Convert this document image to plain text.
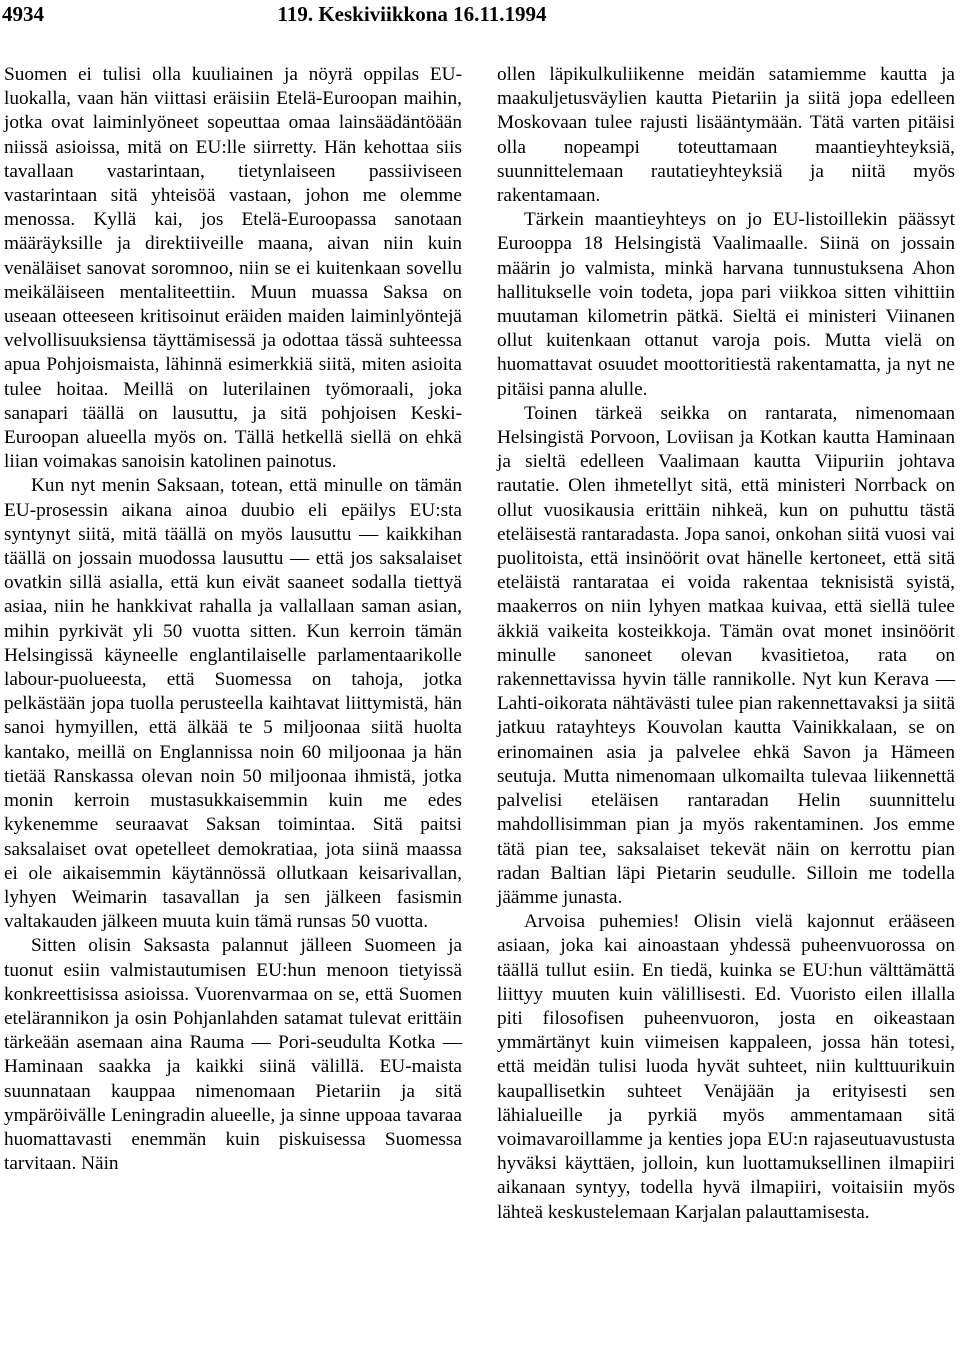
4934	119. Keskiviikkona 16.11.1994

Suomen ei tulisi olla kuuliainen ja nöyrä oppilas EU-luokalla, vaan hän viittasi eräisiin Etelä-Euroopan maihin, jotka ovat laiminlyöneet sopeuttaa omaa lainsäädäntöään niissä asioissa, mitä on EU:lle siirretty. Hän kehottaa siis tavallaan vastarintaan, tietynlaiseen passiiviseen vastarintaan sitä yhteisöä vastaan, johon me olemme menossa. Kyllä kai, jos Etelä-Euroopassa sanotaan määräyksille ja direktiiveille maana, aivan niin kuin venäläiset sanovat soromnoo, niin se ei kuitenkaan sovellu meikäläiseen mentaliteettiin. Muun muassa Saksa on useaan otteeseen kritisoinut eräiden maiden laiminlyöntejä velvollisuuksiensa täyttämisessä ja odottaa tässä suhteessa apua Pohjoismaista, lähinnä esimerkkiä siitä, miten asioita tulee hoitaa. Meillä on luterilainen työmoraali, joka sanapari täällä on lausuttu, ja sitä pohjoisen Keski-Euroopan alueella myös on. Tällä hetkellä siellä on ehkä liian voimakas sanoisin katolinen painotus.

Kun nyt menin Saksaan, totean, että minulle on tämän EU-prosessin aikana ainoa duubio eli epäilys EU:sta syntynyt siitä, mitä täällä on myös lausuttu — kaikkihan täällä on jossain muodossa lausuttu — että jos saksalaiset ovatkin sillä asialla, että kun eivät saaneet sodalla tiettyä asiaa, niin he hankkivat rahalla ja vallallaan saman asian, mihin pyrkivät yli 50 vuotta sitten. Kun kerroin tämän Helsingissä käyneelle englantilaiselle parlamentaarikolle labour-puolueesta, että Suomessa on tahoja, jotka pelkästään jopa tuolla perusteella kaihtavat liittymistä, hän sanoi hymyillen, että älkää te 5 miljoonaa siitä huolta kantako, meillä on Englannissa noin 60 miljoonaa ja hän tietää Ranskassa olevan noin 50 miljoonaa ihmistä, jotka monin kerroin mustasukkaisemmin kuin me edes kykenemme seuraavat Saksan toimintaa. Sitä paitsi saksalaiset ovat opetelleet demokratiaa, jota siinä maassa ei ole aikaisemmin käytännössä ollutkaan keisarivallan, lyhyen Weimarin tasavallan ja sen jälkeen fasismin valtakauden jälkeen muuta kuin tämä runsas 50 vuotta.

Sitten olisin Saksasta palannut jälleen Suomeen ja tuonut esiin valmistautumisen EU:hun menoon tietyissä konkreettisissa asioissa. Vuorenvarmaa on se, että Suomen etelärannikon ja osin Pohjanlahden satamat tulevat erittäin tärkeään asemaan aina Rauma — Pori-seudulta Kotka — Haminaan saakka ja kaikki siinä välillä. EU-maista suunnataan kauppaa nimenomaan Pietariin ja sitä ympäröivälle Leningradin alueelle, ja sinne uppoaa tavaraa huomattavasti enemmän kuin piskuisessa Suomessa tarvitaan. Näin

ollen läpikulkuliikenne meidän satamiemme kautta ja maakuljetusväylien kautta Pietariin ja siitä jopa edelleen Moskovaan tulee rajusti lisääntymään. Tätä varten pitäisi olla nopeampi toteuttamaan maantieyhteyksiä, suunnittelemaan rautatieyhteyksiä ja niitä myös rakentamaan.

Tärkein maantieyhteys on jo EU-listoillekin päässyt Eurooppa 18 Helsingistä Vaalimaalle. Siinä on jossain määrin jo valmista, minkä harvana tunnustuksena Ahon hallitukselle voin todeta, jopa pari viikkoa sitten vihittiin muutaman kilometrin pätkä. Sieltä ei ministeri Viinanen ollut kuitenkaan ottanut varoja pois. Mutta vielä on huomattavat osuudet moottoritiestä rakentamatta, ja nyt ne pitäisi panna alulle.

Toinen tärkeä seikka on rantarata, nimenomaan Helsingistä Porvoon, Loviisan ja Kotkan kautta Haminaan ja sieltä edelleen Vaalimaan kautta Viipuriin johtava rautatie. Olen ihmetellyt sitä, että ministeri Norrback on ollut vuosikausia erittäin nihkeä, kun on puhuttu tästä eteläisestä rantaradasta. Jopa sanoi, onkohan siitä vuosi vai puolitoista, että insinöörit ovat hänelle kertoneet, että sitä eteläistä rantarataa ei voida rakentaa teknisistä syistä, maakerros on niin lyhyen matkaa kuivaa, että siellä tulee äkkiä vaikeita kosteikkoja. Tämän ovat monet insinöörit minulle sanoneet olevan kvasitietoa, rata on rakennettavissa hyvin tälle rannikolle. Nyt kun Kerava — Lahti-oikorata nähtävästi tulee pian rakennettavaksi ja siitä jatkuu ratayhteys Kouvolan kautta Vainikkalaan, se on erinomainen asia ja palvelee ehkä Savon ja Hämeen seutuja. Mutta nimenomaan ulkomailta tulevaa liikennettä palvelisi eteläisen rantaradan Helin suunnittelu mahdollisimman pian ja myös rakentaminen. Jos emme tätä pian tee, saksalaiset tekevät näin on kerrottu pian radan Baltian läpi Pietarin seudulle. Silloin me todella jäämme junasta.

Arvoisa puhemies! Olisin vielä kajonnut erääseen asiaan, joka kai ainoastaan yhdessä puheenvuorossa on täällä tullut esiin. En tiedä, kuinka se EU:hun välttämättä liittyy muuten kuin välillisesti. Ed. Vuoristo eilen illalla piti filosofisen puheenvuoron, josta en oikeastaan ymmärtänyt kuin viimeisen kappaleen, jossa hän totesi, että meidän tulisi luoda hyvät suhteet, niin kulttuurikuin kaupallisetkin suhteet Venäjään ja erityisesti sen lähialueille ja pyrkiä myös ammentamaan sitä voimavaroillamme ja kenties jopa EU:n rajaseutuavustusta hyväksi käyttäen, jolloin, kun luottamuksellinen ilmapiiri aikanaan syntyy, todella hyvä ilmapiiri, voitaisiin myös lähteä keskustelemaan Karjalan palauttamisesta.
